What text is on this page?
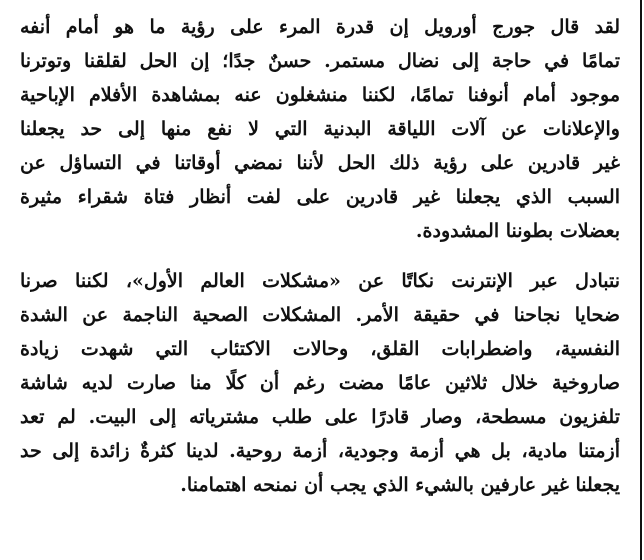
لقد قال جورج أورويل إن قدرة المرء على رؤية ما هو أمام أنفه
تمامًا في حاجة إلى نضال مستمر. حسنٌ جدًا؛ إن الحل لقلقنا وتوترنا
موجود أمام أنوفنا تمامًا، لكننا منشغلون عنه بمشاهدة الأفلام الإباحية
والإعلانات عن آلات اللياقة البدنية التي لا نفع منها إلى حد يجعلنا
غير قادرين على رؤية ذلك الحل لأننا نمضي أوقاتنا في التساؤل عن
السبب الذي يجعلنا غير قادرين على لفت أنظار فتاة شقراء مثيرة
بعضلات بطوننا المشدودة.

نتبادل عبر الإنترنت نكاتًا عن «مشكلات العالم الأول»، لكننا صرنا
ضحايا نجاحنا في حقيقة الأمر. المشكلات الصحية الناجمة عن الشدة
النفسية، واضطرابات القلق، وحالات الاكتئاب التي شهدت زيادة
صاروخية خلال ثلاثين عامًا مضت رغم أن كلًا منا صارت لديه شاشة
تلفزيون مسطحة، وصار قادرًا على طلب مشترياته إلى البيت. لم تعد
أزمتنا مادية، بل هي أزمة وجودية، أزمة روحية. لدينا كثرةٌ زائدة إلى حد
يجعلنا غير عارفين بالشيء الذي يجب أن نمنحه اهتمامنا.
